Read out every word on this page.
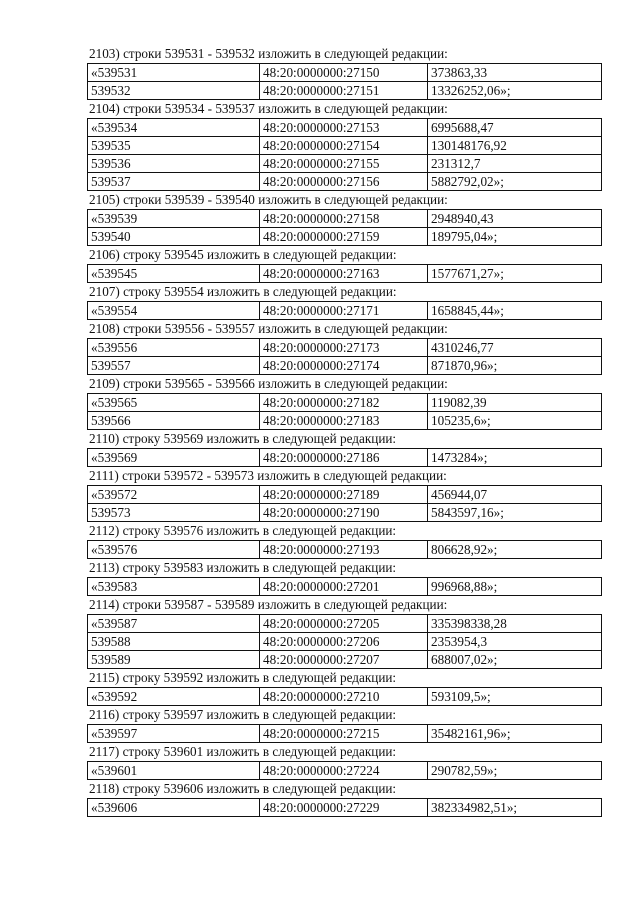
2103) строки 539531 - 539532 изложить в следующей редакции:
«539531	48:20:0000000:27150	373863,33
539532	48:20:0000000:27151	13326252,06»;
2104) строки 539534 - 539537 изложить в следующей редакции:
«539534	48:20:0000000:27153	6995688,47
539535	48:20:0000000:27154	130148176,92
539536	48:20:0000000:27155	231312,7
539537	48:20:0000000:27156	5882792,02»;
2105) строки 539539 - 539540 изложить в следующей редакции:
«539539	48:20:0000000:27158	2948940,43
539540	48:20:0000000:27159	189795,04»;
2106) строку 539545 изложить в следующей редакции:
«539545	48:20:0000000:27163	1577671,27»;
2107) строку 539554 изложить в следующей редакции:
«539554	48:20:0000000:27171	1658845,44»;
2108) строки 539556 - 539557 изложить в следующей редакции:
«539556	48:20:0000000:27173	4310246,77
539557	48:20:0000000:27174	871870,96»;
2109) строки 539565 - 539566 изложить в следующей редакции:
«539565	48:20:0000000:27182	119082,39
539566	48:20:0000000:27183	105235,6»;
2110) строку 539569 изложить в следующей редакции:
«539569	48:20:0000000:27186	1473284»;
2111) строки 539572 - 539573 изложить в следующей редакции:
«539572	48:20:0000000:27189	456944,07
539573	48:20:0000000:27190	5843597,16»;
2112) строку 539576 изложить в следующей редакции:
«539576	48:20:0000000:27193	806628,92»;
2113) строку 539583 изложить в следующей редакции:
«539583	48:20:0000000:27201	996968,88»;
2114) строки 539587 - 539589 изложить в следующей редакции:
«539587	48:20:0000000:27205	335398338,28
539588	48:20:0000000:27206	2353954,3
539589	48:20:0000000:27207	688007,02»;
2115) строку 539592 изложить в следующей редакции:
«539592	48:20:0000000:27210	593109,5»;
2116) строку 539597 изложить в следующей редакции:
«539597	48:20:0000000:27215	35482161,96»;
2117) строку 539601 изложить в следующей редакции:
«539601	48:20:0000000:27224	290782,59»;
2118) строку 539606 изложить в следующей редакции:
«539606	48:20:0000000:27229	382334982,51»;
